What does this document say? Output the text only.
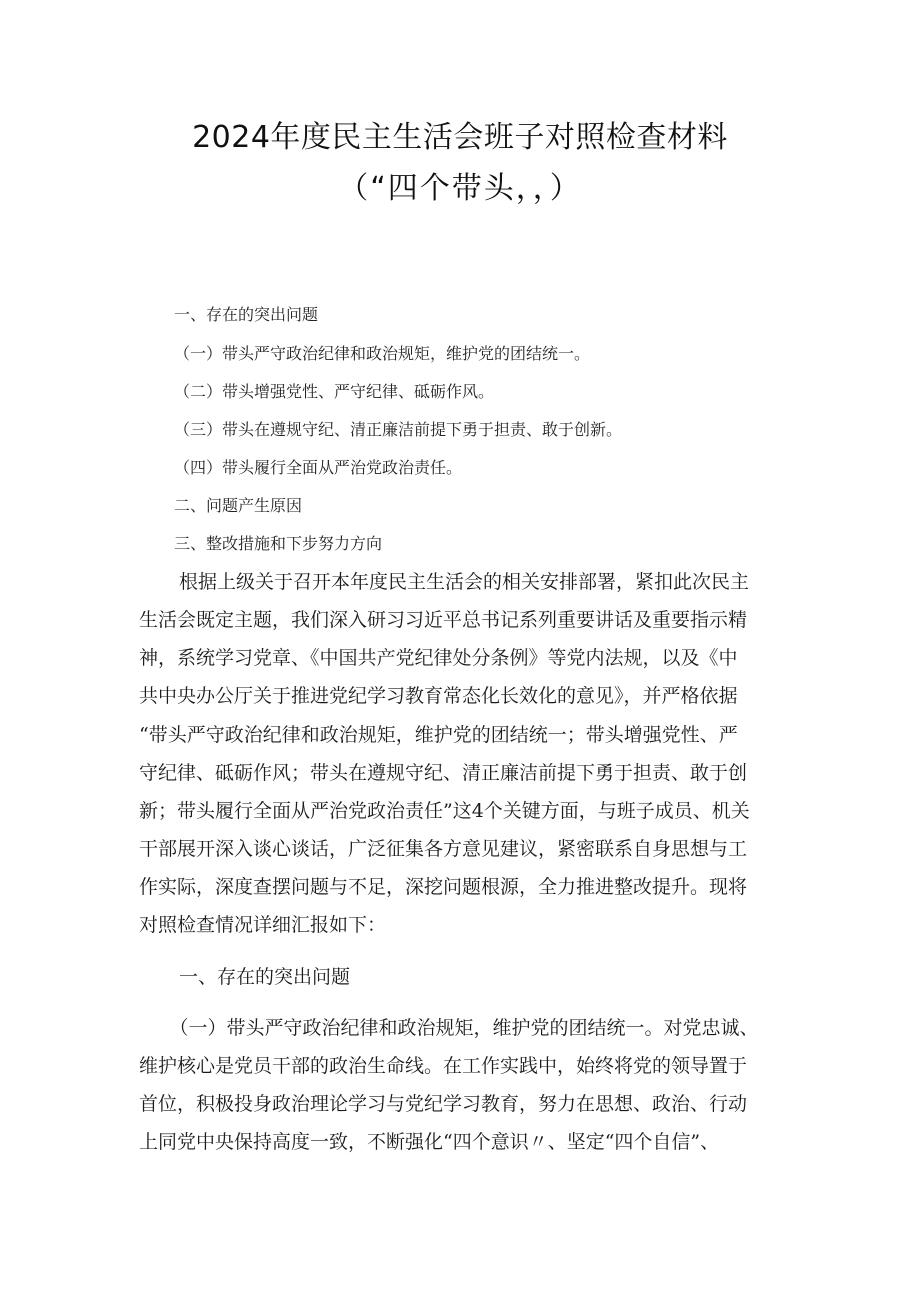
2024年度民主生活会班子对照检查材料
（“四个带头，，）
一、存在的突出问题
（一）带头严守政治纪律和政治规矩，维护党的团结统一。
（二）带头增强党性、严守纪律、砥砺作风。
（三）带头在遵规守纪、清正廉洁前提下勇于担责、敢于创新。
（四）带头履行全面从严治党政治责任。
二、问题产生原因
三、整改措施和下步努力方向
　根据上级关于召开本年度民主生活会的相关安排部署，紧扣此次民主
生活会既定主题，我们深入研习习近平总书记系列重要讲话及重要指示精
神，系统学习党章、《中国共产党纪律处分条例》等党内法规，以及《中
共中央办公厅关于推进党纪学习教育常态化长效化的意见》，并严格依据
“带头严守政治纪律和政治规矩，维护党的团结统一；带头增强党性、严
守纪律、砥砺作风；带头在遵规守纪、清正廉洁前提下勇于担责、敢于创
新；带头履行全面从严治党政治责任”这4个关键方面，与班子成员、机关
干部展开深入谈心谈话，广泛征集各方意见建议，紧密联系自身思想与工
作实际，深度查摆问题与不足，深挖问题根源，全力推进整改提升。现将
对照检查情况详细汇报如下：
　一、存在的突出问题
　（一）带头严守政治纪律和政治规矩，维护党的团结统一。对党忠诚、
维护核心是党员干部的政治生命线。在工作实践中，始终将党的领导置于
首位，积极投身政治理论学习与党纪学习教育，努力在思想、政治、行动
上同党中央保持高度一致，不断强化“四个意识〃、坚定“四个自信”、
